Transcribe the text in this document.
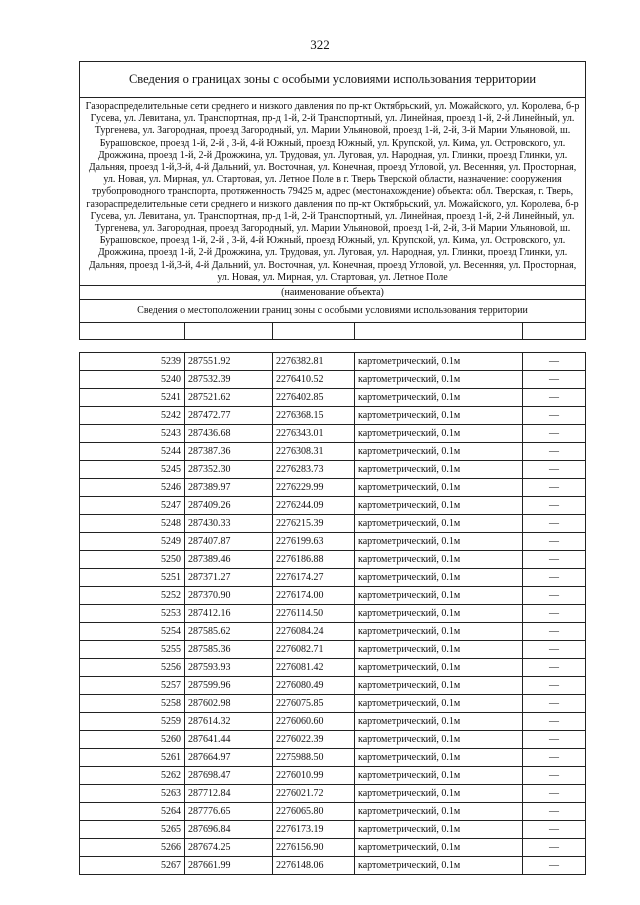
322
Сведения о границах зоны с особыми условиями использования территории				
Газораспределительные сети среднего и низкого давления по пр-кт Октябрьский, ул. Можайского, ул. Королева, б-р Гусева, ул. Левитана, ул. Транспортная, пр-д 1-й, 2-й Транспортный, ул. Линейная, проезд 1-й, 2-й Линейный, ул. Тургенева, ул. Загородная, проезд Загородный, ул. Марии Ульяновой, проезд 1-й, 2-й, 3-й Марии Ульяновой, ш. Бурашовское, проезд 1-й, 2-й , 3-й, 4-й Южный, проезд Южный, ул. Крупской, ул. Кима, ул. Островского, ул. Дрожжина, проезд 1-й, 2-й Дрожжина, ул. Трудовая, ул. Луговая, ул. Народная, ул. Глинки, проезд Глинки, ул. Дальняя, проезд 1-й,3-й, 4-й Дальний, ул. Восточная, ул. Конечная, проезд Угловой, ул. Весенняя, ул. Просторная, ул. Новая, ул. Мирная, ул. Стартовая, ул. Летное Поле в г. Тверь Тверской области, назначение: сооружения трубопроводного транспорта, протяженность 79425 м, адрес (местонахождение) объекта: обл. Тверская, г. Тверь, газораспределительные сети среднего и низкого давления по пр-кт Октябрьский, ул. Можайского, ул. Королева, б-р Гусева, ул. Левитана, ул. Транспортная, пр-д 1-й, 2-й Транспортный, ул. Линейная, проезд 1-й, 2-й Линейный, ул. Тургенева, ул. Загородная, проезд Загородный, ул. Марии Ульяновой, проезд 1-й, 2-й, 3-й Марии Ульяновой, ш. Бурашовское, проезд 1-й, 2-й , 3-й, 4-й Южный, проезд Южный, ул. Крупской, ул. Кима, ул. Островского, ул. Дрожжина, проезд 1-й, 2-й Дрожжина, ул. Трудовая, ул. Луговая, ул. Народная, ул. Глинки, проезд Глинки, ул. Дальняя, проезд 1-й,3-й, 4-й Дальний, ул. Восточная, ул. Конечная, проезд Угловой, ул. Весенняя, ул. Просторная, ул. Новая, ул. Мирная, ул. Стартовая, ул. Летное Поле				
(наименование объекта)				
Сведения о местоположении границ зоны с особыми условиями использования территории				

5239	287551.92	2276382.81	картометрический, 0.1м	—
5240	287532.39	2276410.52	картометрический, 0.1м	—
5241	287521.62	2276402.85	картометрический, 0.1м	—
5242	287472.77	2276368.15	картометрический, 0.1м	—
5243	287436.68	2276343.01	картометрический, 0.1м	—
5244	287387.36	2276308.31	картометрический, 0.1м	—
5245	287352.30	2276283.73	картометрический, 0.1м	—
5246	287389.97	2276229.99	картометрический, 0.1м	—
5247	287409.26	2276244.09	картометрический, 0.1м	—
5248	287430.33	2276215.39	картометрический, 0.1м	—
5249	287407.87	2276199.63	картометрический, 0.1м	—
5250	287389.46	2276186.88	картометрический, 0.1м	—
5251	287371.27	2276174.27	картометрический, 0.1м	—
5252	287370.90	2276174.00	картометрический, 0.1м	—
5253	287412.16	2276114.50	картометрический, 0.1м	—
5254	287585.62	2276084.24	картометрический, 0.1м	—
5255	287585.36	2276082.71	картометрический, 0.1м	—
5256	287593.93	2276081.42	картометрический, 0.1м	—
5257	287599.96	2276080.49	картометрический, 0.1м	—
5258	287602.98	2276075.85	картометрический, 0.1м	—
5259	287614.32	2276060.60	картометрический, 0.1м	—
5260	287641.44	2276022.39	картометрический, 0.1м	—
5261	287664.97	2275988.50	картометрический, 0.1м	—
5262	287698.47	2276010.99	картометрический, 0.1м	—
5263	287712.84	2276021.72	картометрический, 0.1м	—
5264	287776.65	2276065.80	картометрический, 0.1м	—
5265	287696.84	2276173.19	картометрический, 0.1м	—
5266	287674.25	2276156.90	картометрический, 0.1м	—
5267	287661.99	2276148.06	картометрический, 0.1м	—
